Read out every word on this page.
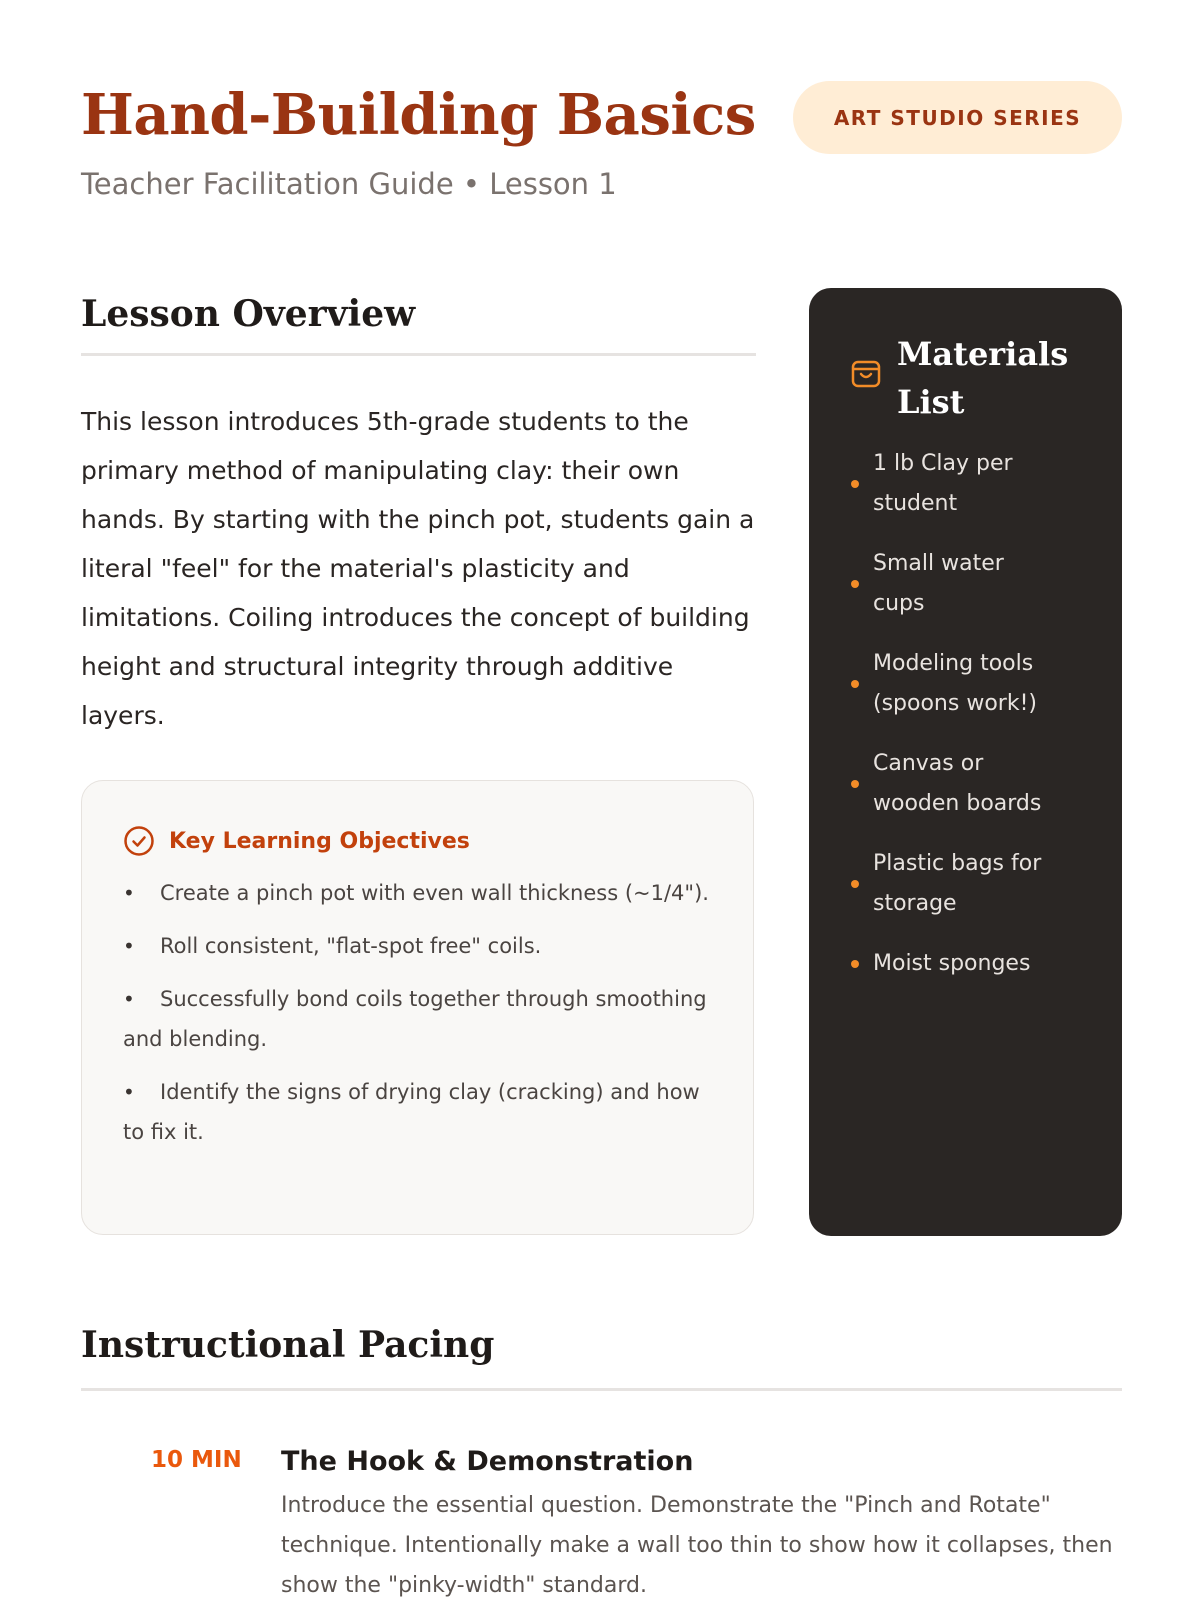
Hand-Building Basics
Teacher Facilitation Guide • Lesson 1
ART STUDIO SERIES
Lesson Overview

This lesson introduces 5th-grade students to the primary method of manipulating clay: their own hands. By starting with the pinch pot, students gain a literal "feel" for the material's plasticity and limitations. Coiling introduces the concept of building height and structural integrity through additive layers.

Key Learning Objectives
• Create a pinch pot with even wall thickness (~1/4").
• Roll consistent, "flat-spot free" coils.
• Successfully bond coils together through smoothing and blending.
• Identify the signs of drying clay (cracking) and how to fix it.
Materials List
1 lb Clay per student
Small water cups
Modeling tools (spoons work!)
Canvas or wooden boards
Plastic bags for storage
Moist sponges
Instructional Pacing
10 MIN The Hook & Demonstration

Introduce the essential question. Demonstrate the "Pinch and Rotate" technique. Intentionally make a wall too thin to show how it collapses, then show the "pinky-width" standard.
